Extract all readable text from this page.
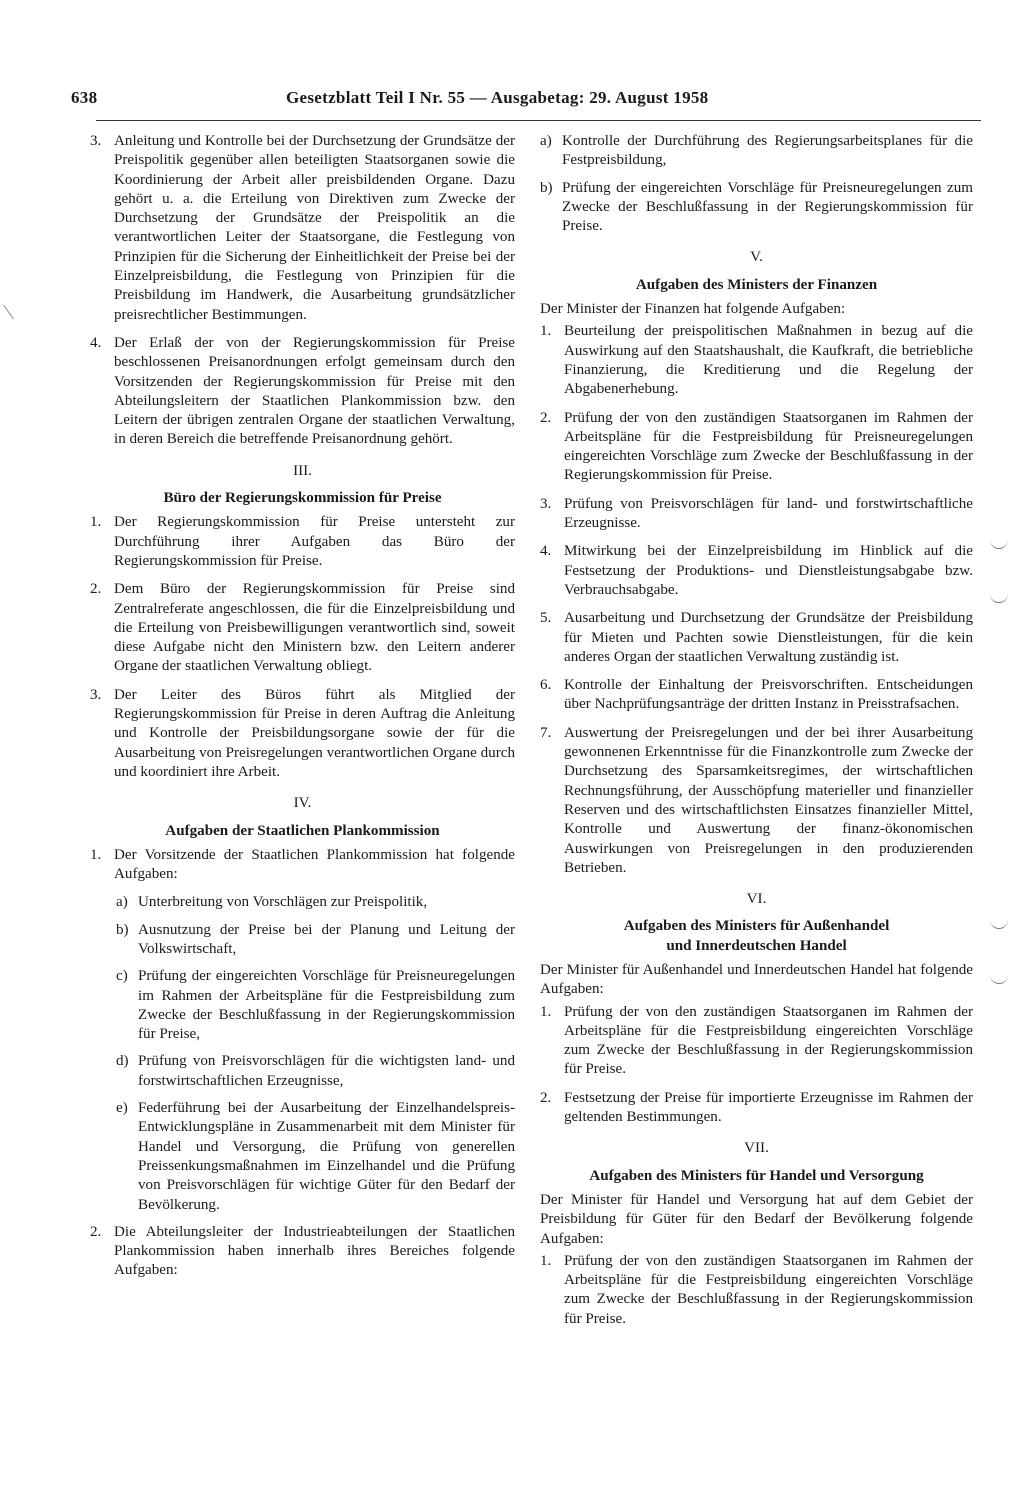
638	Gesetzblatt Teil I Nr. 55 — Ausgabetag: 29. August 1958
3. Anleitung und Kontrolle bei der Durchsetzung der Grundsätze der Preispolitik gegenüber allen beteiligten Staatsorganen sowie die Koordinierung der Arbeit aller preisbildenden Organe. Dazu gehört u. a. die Erteilung von Direktiven zum Zwecke der Durchsetzung der Grundsätze der Preispolitik an die verantwortlichen Leiter der Staatsorgane, die Festlegung von Prinzipien für die Sicherung der Einheitlichkeit der Preise bei der Einzelpreisbildung, die Festlegung von Prinzipien für die Preisbildung im Handwerk, die Ausarbeitung grundsätzlicher preisrechtlicher Bestimmungen.
4. Der Erlaß der von der Regierungskommission für Preise beschlossenen Preisanordnungen erfolgt gemeinsam durch den Vorsitzenden der Regierungskommission für Preise mit den Abteilungsleitern der Staatlichen Plankommission bzw. den Leitern der übrigen zentralen Organe der staatlichen Verwaltung, in deren Bereich die betreffende Preisanordnung gehört.
III.
Büro der Regierungskommission für Preise
1. Der Regierungskommission für Preise untersteht zur Durchführung ihrer Aufgaben das Büro der Regierungskommission für Preise.
2. Dem Büro der Regierungskommission für Preise sind Zentralreferate angeschlossen, die für die Einzelpreisbildung und die Erteilung von Preisbewilligungen verantwortlich sind, soweit diese Aufgabe nicht den Ministern bzw. den Leitern anderer Organe der staatlichen Verwaltung obliegt.
3. Der Leiter des Büros führt als Mitglied der Regierungskommission für Preise in deren Auftrag die Anleitung und Kontrolle der Preisbildungsorgane sowie der für die Ausarbeitung von Preisregelungen verantwortlichen Organe durch und koordiniert ihre Arbeit.
IV.
Aufgaben der Staatlichen Plankommission
1. Der Vorsitzende der Staatlichen Plankommission hat folgende Aufgaben:
a) Unterbreitung von Vorschlägen zur Preispolitik,
b) Ausnutzung der Preise bei der Planung und Leitung der Volkswirtschaft,
c) Prüfung der eingereichten Vorschläge für Preisneuregelungen im Rahmen der Arbeitspläne für die Festpreisbildung zum Zwecke der Beschlußfassung in der Regierungskommission für Preise,
d) Prüfung von Preisvorschlägen für die wichtigsten land- und forstwirtschaftlichen Erzeugnisse,
e) Federführung bei der Ausarbeitung der Einzelhandelspreis-Entwicklungspläne in Zusammenarbeit mit dem Minister für Handel und Versorgung, die Prüfung von generellen Preissenkungsmaßnahmen im Einzelhandel und die Prüfung von Preisvorschlägen für wichtige Güter für den Bedarf der Bevölkerung.
2. Die Abteilungsleiter der Industrieabteilungen der Staatlichen Plankommission haben innerhalb ihres Bereiches folgende Aufgaben:
a) Kontrolle der Durchführung des Regierungsarbeitsplanes für die Festpreisbildung,
b) Prüfung der eingereichten Vorschläge für Preisneuregelungen zum Zwecke der Beschlußfassung in der Regierungskommission für Preise.
V.
Aufgaben des Ministers der Finanzen
Der Minister der Finanzen hat folgende Aufgaben:
1. Beurteilung der preispolitischen Maßnahmen in bezug auf die Auswirkung auf den Staatshaushalt, die Kaufkraft, die betriebliche Finanzierung, die Kreditierung und die Regelung der Abgabenerhebung.
2. Prüfung der von den zuständigen Staatsorganen im Rahmen der Arbeitspläne für die Festpreisbildung für Preisneuregelungen eingereichten Vorschläge zum Zwecke der Beschlußfassung in der Regierungskommission für Preise.
3. Prüfung von Preisvorschlägen für land- und forstwirtschaftliche Erzeugnisse.
4. Mitwirkung bei der Einzelpreisbildung im Hinblick auf die Festsetzung der Produktions- und Dienstleistungsabgabe bzw. Verbrauchsabgabe.
5. Ausarbeitung und Durchsetzung der Grundsätze der Preisbildung für Mieten und Pachten sowie Dienstleistungen, für die kein anderes Organ der staatlichen Verwaltung zuständig ist.
6. Kontrolle der Einhaltung der Preisvorschriften. Entscheidungen über Nachprüfungsanträge der dritten Instanz in Preisstrafsachen.
7. Auswertung der Preisregelungen und der bei ihrer Ausarbeitung gewonnenen Erkenntnisse für die Finanzkontrolle zum Zwecke der Durchsetzung des Sparsamkeitsregimes, der wirtschaftlichen Rechnungsführung, der Ausschöpfung materieller und finanzieller Reserven und des wirtschaftlichsten Einsatzes finanzieller Mittel, Kontrolle und Auswertung der finanz-ökonomischen Auswirkungen von Preisregelungen in den produzierenden Betrieben.
VI.
Aufgaben des Ministers für Außenhandel
und Innerdeutschen Handel
Der Minister für Außenhandel und Innerdeutschen Handel hat folgende Aufgaben:
1. Prüfung der von den zuständigen Staatsorganen im Rahmen der Arbeitspläne für die Festpreisbildung eingereichten Vorschläge zum Zwecke der Beschlußfassung in der Regierungskommission für Preise.
2. Festsetzung der Preise für importierte Erzeugnisse im Rahmen der geltenden Bestimmungen.
VII.
Aufgaben des Ministers für Handel und Versorgung
Der Minister für Handel und Versorgung hat auf dem Gebiet der Preisbildung für Güter für den Bedarf der Bevölkerung folgende Aufgaben:
1. Prüfung der von den zuständigen Staatsorganen im Rahmen der Arbeitspläne für die Festpreisbildung eingereichten Vorschläge zum Zwecke der Beschlußfassung in der Regierungskommission für Preise.
